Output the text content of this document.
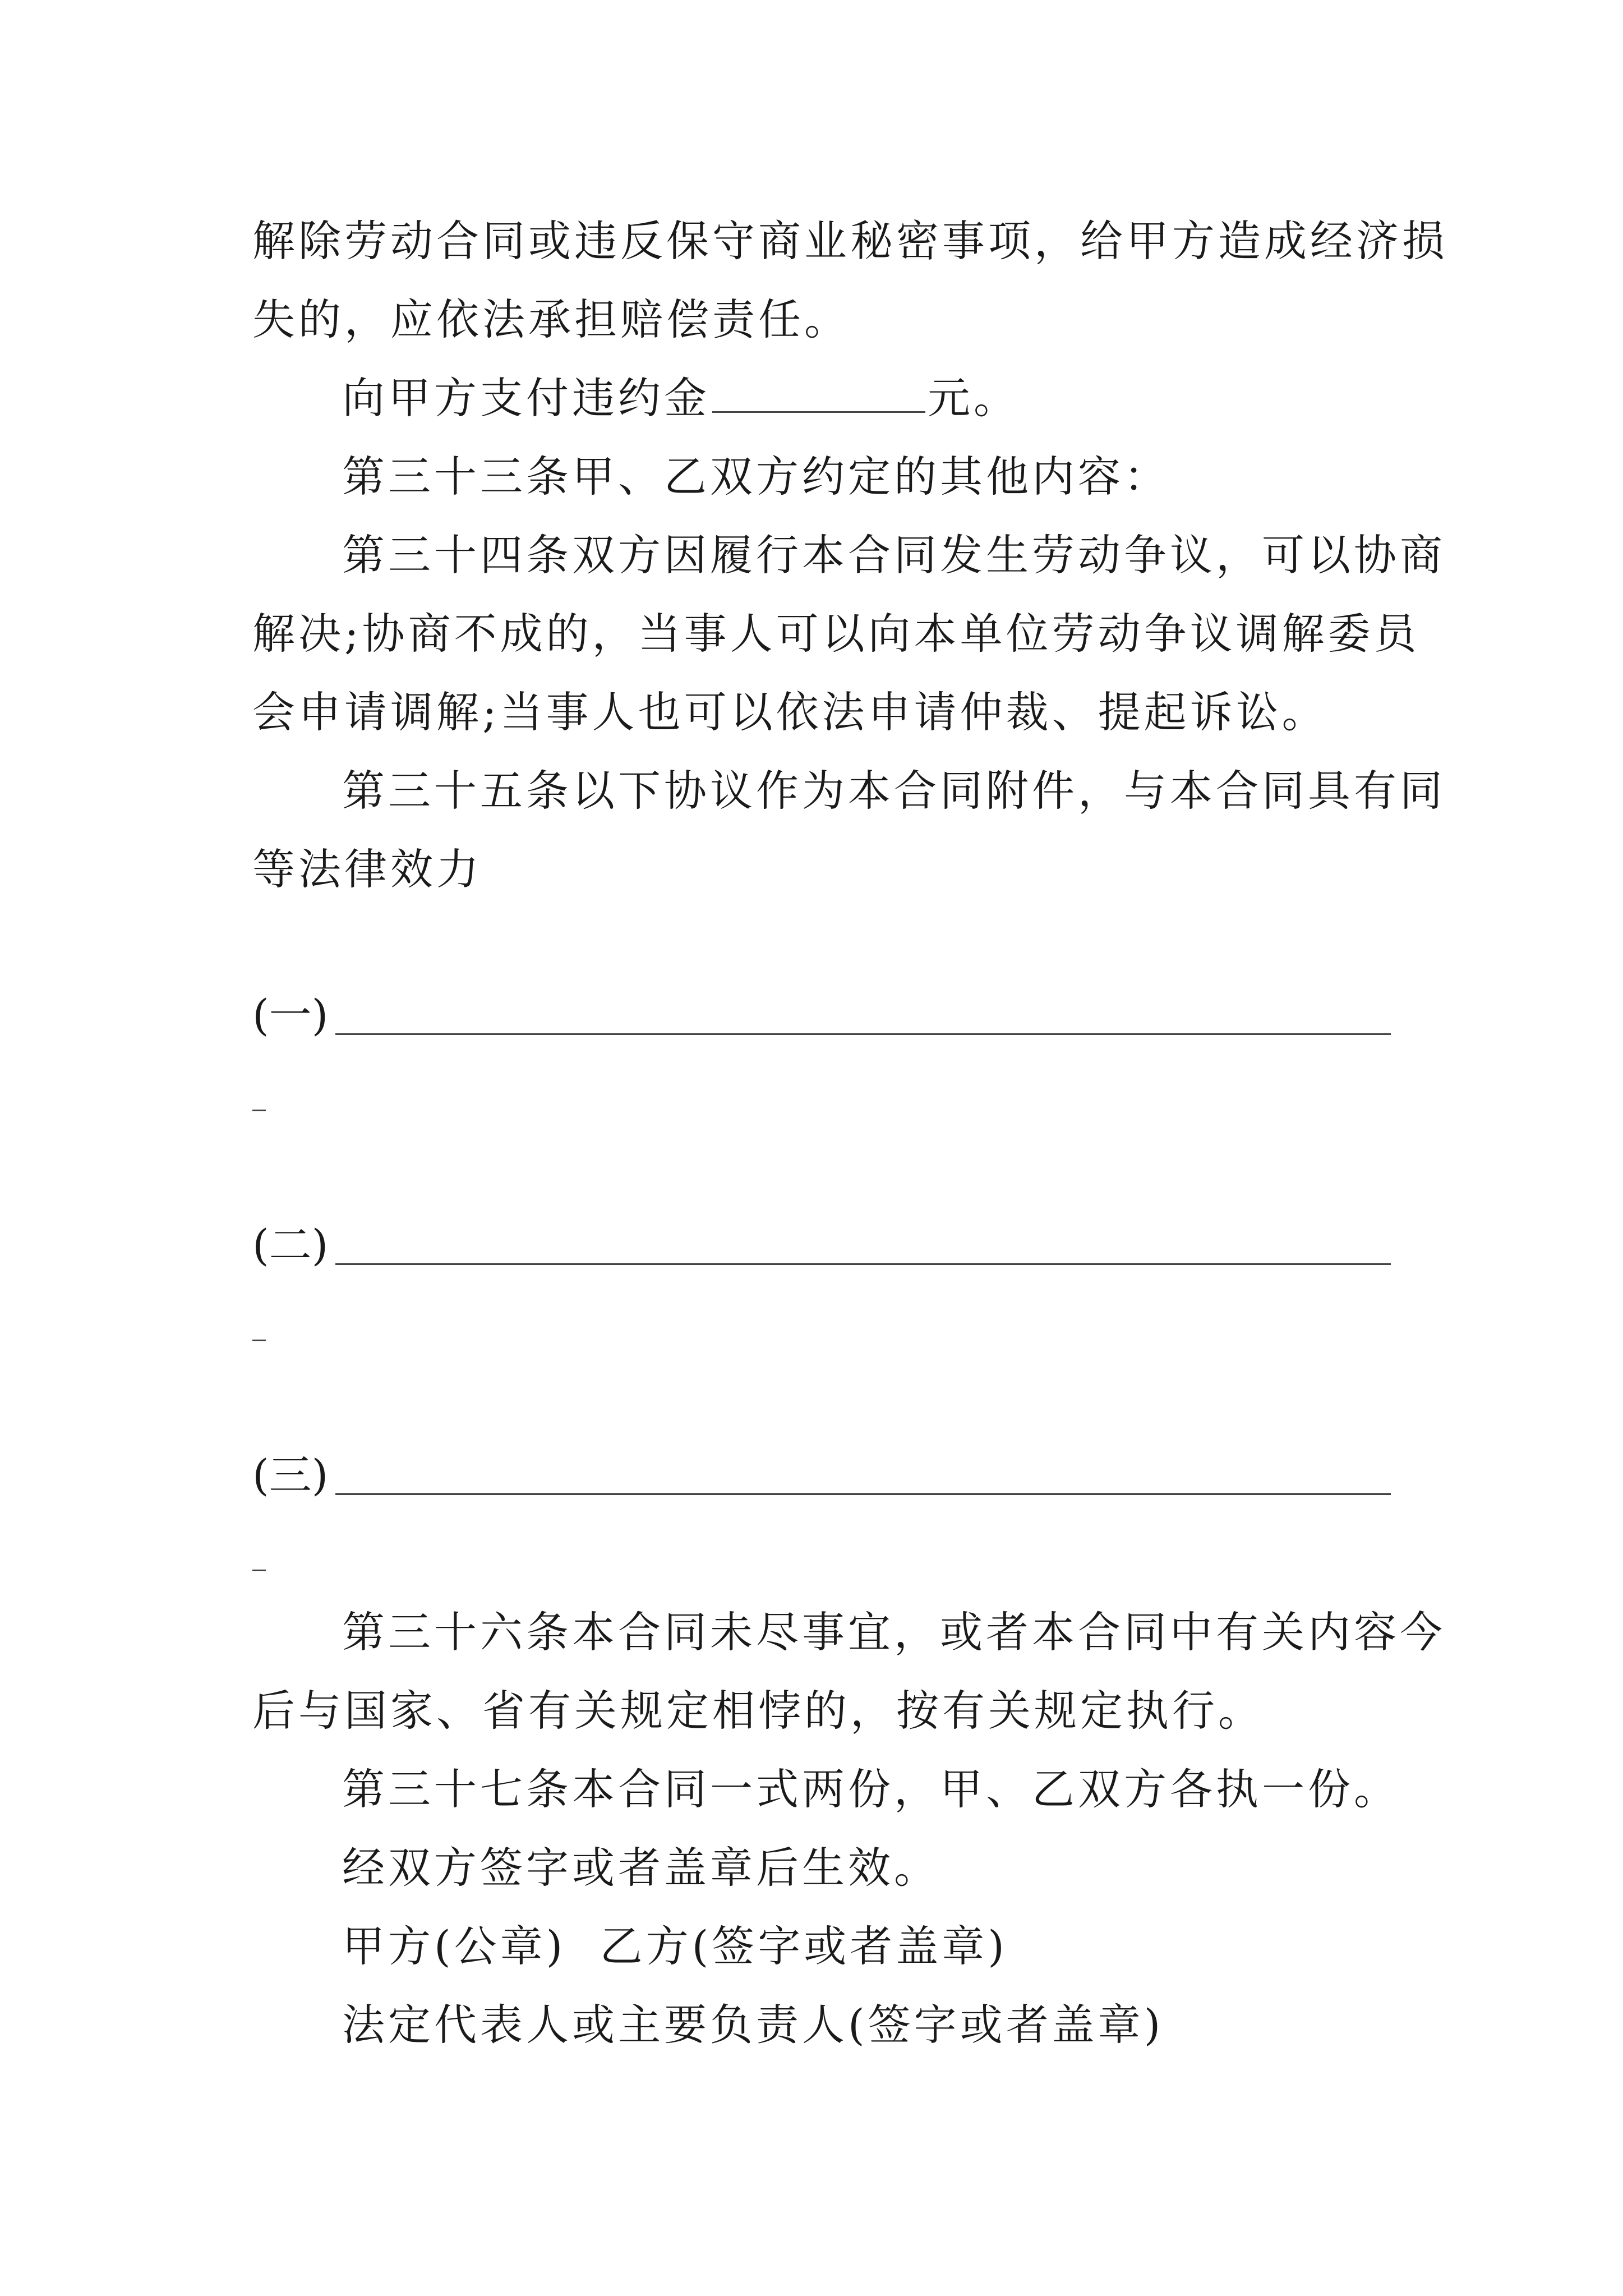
解除劳动合同或违反保守商业秘密事项，给甲方造成经济损
失的，应依法承担赔偿责任。
向甲方支付违约金	元。
第三十三条甲、乙双方约定的其他内容：
第三十四条双方因履行本合同发生劳动争议，可以协商
解决;协商不成的，当事人可以向本单位劳动争议调解委员
会申请调解;当事人也可以依法申请仲裁、提起诉讼。
第三十五条以下协议作为本合同附件，与本合同具有同
等法律效力
(一)
(二)
(三)
第三十六条本合同未尽事宜，或者本合同中有关内容今
后与国家、省有关规定相悖的，按有关规定执行。
第三十七条本合同一式两份，甲、乙双方各执一份。
经双方签字或者盖章后生效。
甲方(公章)  乙方(签字或者盖章)
法定代表人或主要负责人(签字或者盖章)
